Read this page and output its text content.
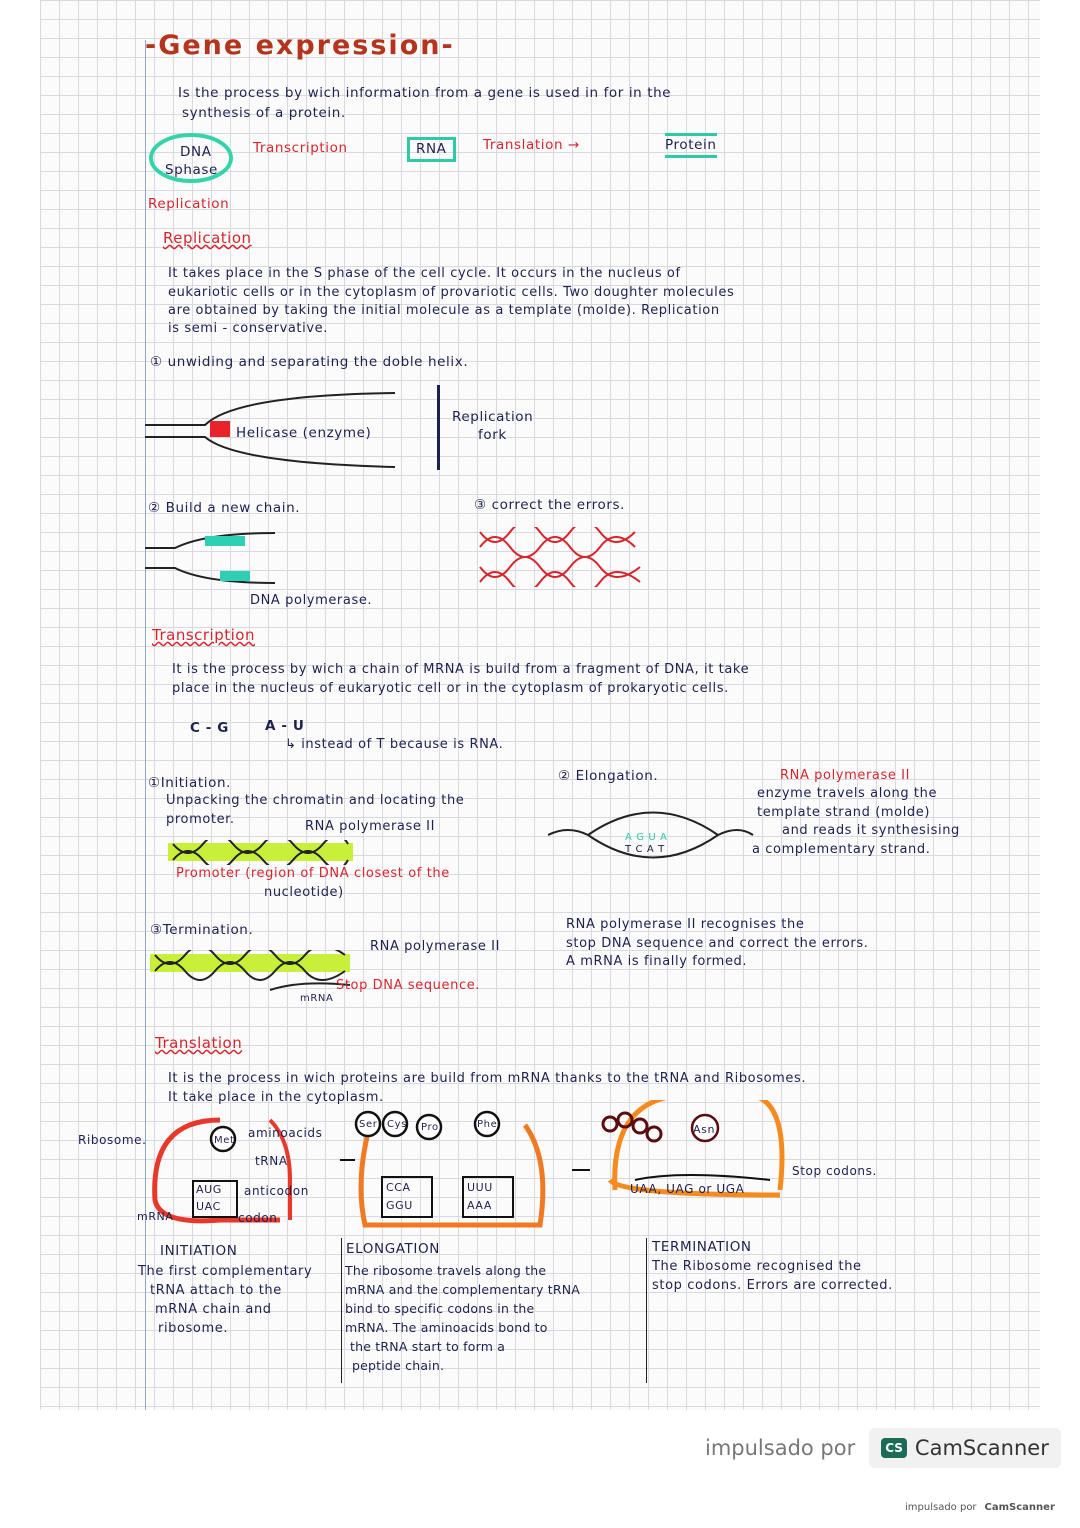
-Gene expression-
Is the process by wich information from a gene is used in for in the
synthesis of a protein.
DNA
Sphase
Replication
Transcription	RNA	Translation →	Protein
Replication
It takes place in the S phase of the cell cycle. It occurs in the nucleus of
eukariotic cells or in the cytoplasm of provariotic cells. Two doughter molecules
are obtained by taking the initial molecule as a template (molde). Replication
is semi - conservative.
① unwiding and separating the doble helix.
Helicase (enzyme)
Replication
fork
② Build a new chain.	③ correct the errors.
DNA polymerase.
Transcription
It is the process by wich a chain of MRNA is build from a fragment of DNA, it take
place in the nucleus of eukaryotic cell or in the cytoplasm of prokaryotic cells.
C - G	A - U
↳ instead of T because is RNA.
①Initiation.
Unpacking the chromatin and locating the
promoter.	RNA polymerase II
Promoter (region of DNA closest of the
nucleotide)
② Elongation.
A G U A
T C A T
RNA polymerase II
enzyme travels along the
template strand (molde)
and reads it synthesising
a complementary strand.
③Termination.
RNA polymerase II
Stop DNA sequence.
mRNA
RNA polymerase II recognises the
stop DNA sequence and correct the errors.
A mRNA is finally formed.
Translation
It is the process in wich proteins are build from mRNA thanks to the tRNA and Ribosomes.
It take place in the cytoplasm.
Ribosome.	Met
aminoacids
tRNA
AUG
UAC
anticodon
codon
mRNA
Ser Cys Pro	Phe
CCA
GGU
UUU
AAA
Asn
UAA, UAG or UGA
Stop codons.
INITIATION
The first complementary
tRNA attach to the
mRNA chain and
ribosome.
ELONGATION
The ribosome travels along the
mRNA and the complementary tRNA
bind to specific codons in the
mRNA. The aminoacids bond to
the tRNA start to form a
peptide chain.
TERMINATION
The Ribosome recognised the
stop codons. Errors are corrected.
impulsado por	CS CamScanner
impulsado por CamScanner
